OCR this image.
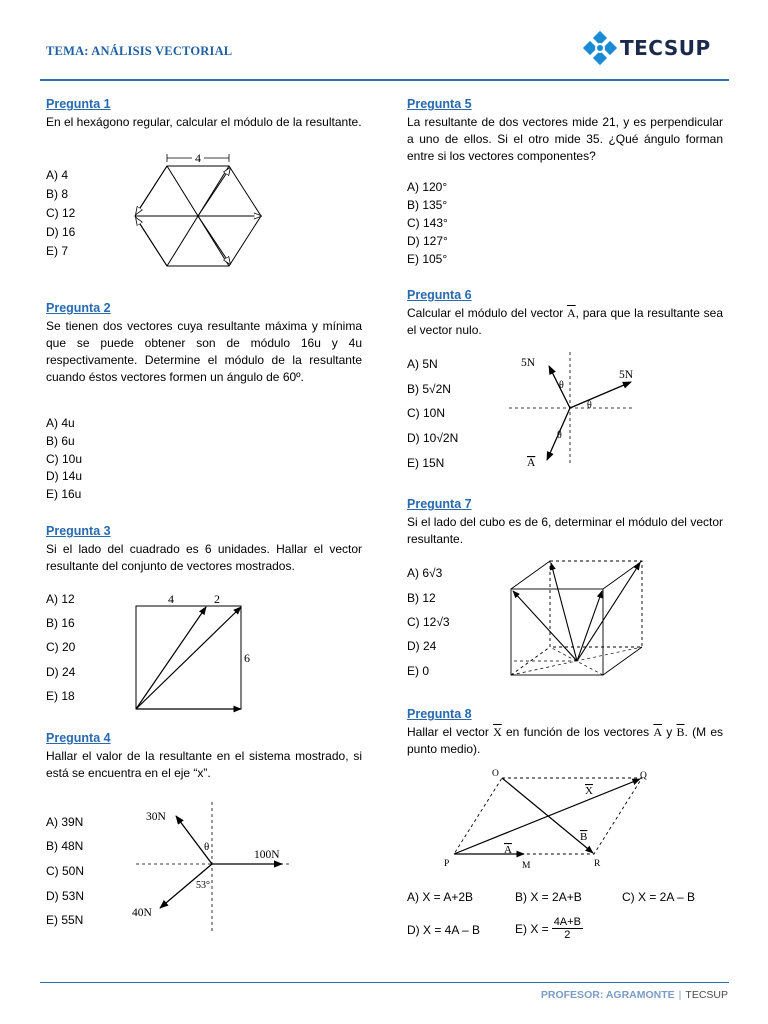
TEMA: ANÁLISIS VECTORIAL	TECSUP
Pregunta 1

En el hexágono regular, calcular el módulo de la resultante.

A) 4
B) 8
C) 12
D) 16
E) 7
4
Pregunta 2

Se tienen dos vectores cuya resultante máxima y mínima que se puede obtener son de módulo 16u y 4u respectivamente. Determine el módulo de la resultante cuando éstos vectores formen un ángulo de 60º.

A) 4u
B) 6u
C) 10u
D) 14u
E) 16u
Pregunta 3

Si el lado del cuadrado es 6 unidades. Hallar el vector resultante del conjunto de vectores mostrados.

A) 12
B) 16
C) 20
D) 24
E) 18
4	2
6
Pregunta 4

Hallar el valor de la resultante en el sistema mostrado, si está se encuentra en el eje “x”.

A) 39N
B) 48N
C) 50N
D) 53N
E) 55N
30N
θ
100N
53°
40N
Pregunta 5

La resultante de dos vectores mide 21, y es perpendicular a uno de ellos. Si el otro mide 35. ¿Qué ángulo forman entre si los vectores componentes?

A) 120°
B) 135°
C) 143°
D) 127°
E) 105°
Pregunta 6

Calcular el módulo del vector $\overline{A}$, para que la resultante sea el vector nulo.

A) 5N
B) 5√2N
C) 10N
D) 10√2N
E) 15N
5N
5N
θ
θ
θ
A
Pregunta 7

Si el lado del cubo es de 6, determinar el módulo del vector resultante.

A) 6√3
B) 12
C) 12√3
D) 24
E) 0
Pregunta 8

Hallar el vector $\overline{X}$ en función de los vectores $\overline{A}$ y $\overline{B}$. (M es punto medio).

O	Q
X
B
A
P	M	R
A) X = A+2B	B) X = 2A+B	C) X = 2A – B
D) X = 4A – B	E) $X = \frac{4A+B}{2}$
PROFESOR: AGRAMONTE | TECSUP
